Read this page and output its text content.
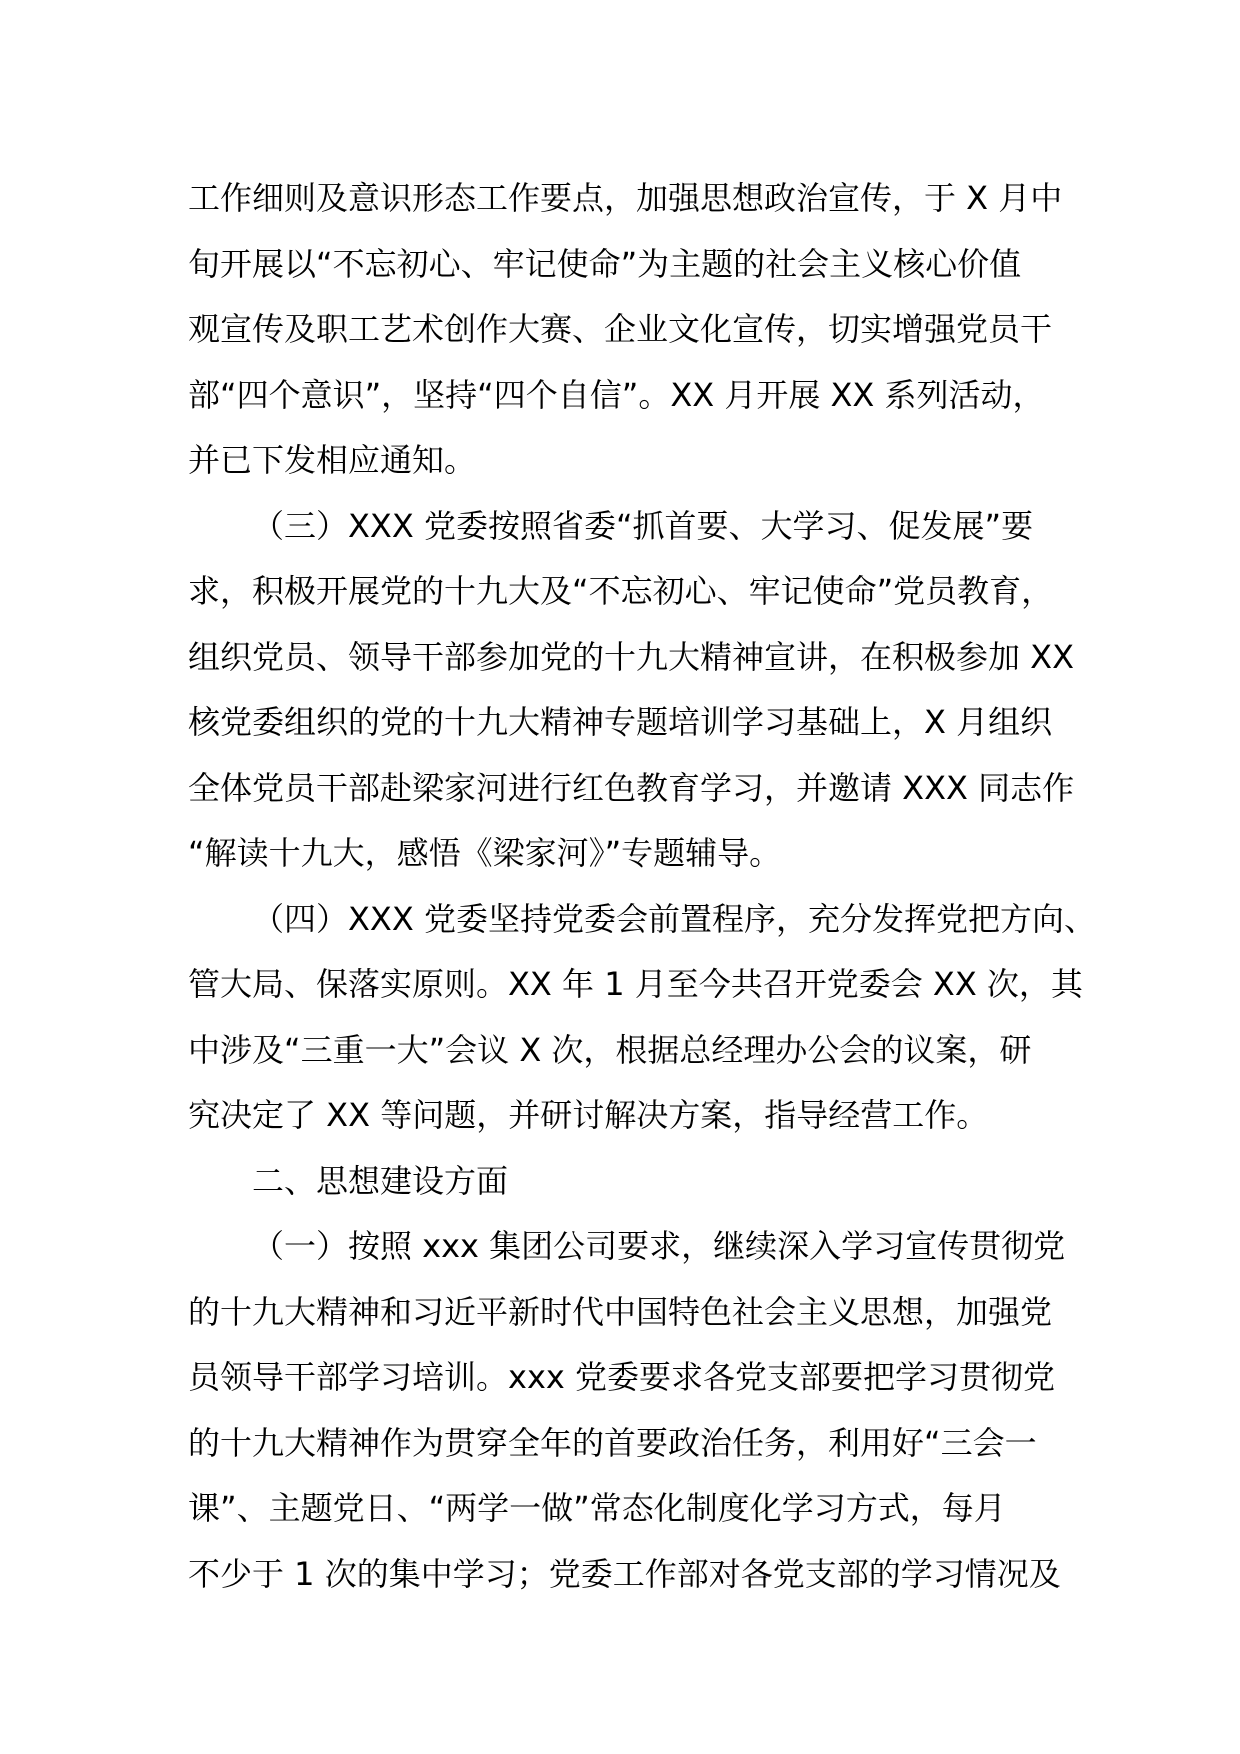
工作细则及意识形态工作要点，加强思想政治宣传，于 X 月中
旬开展以“不忘初心、牢记使命”为主题的社会主义核心价值
观宣传及职工艺术创作大赛、企业文化宣传，切实增强党员干
部“四个意识”，坚持“四个自信”。XX 月开展 XX 系列活动，
并已下发相应通知。

（三）XXX 党委按照省委“抓首要、大学习、促发展”要
求，积极开展党的十九大及“不忘初心、牢记使命”党员教育，
组织党员、领导干部参加党的十九大精神宣讲，在积极参加 XX
核党委组织的党的十九大精神专题培训学习基础上，X 月组织
全体党员干部赴梁家河进行红色教育学习，并邀请 XXX 同志作
“解读十九大，感悟《梁家河》”专题辅导。

（四）XXX 党委坚持党委会前置程序，充分发挥党把方向、
管大局、保落实原则。XX 年 1 月至今共召开党委会 XX 次，其
中涉及“三重一大”会议 X 次，根据总经理办公会的议案，研
究决定了 XX 等问题，并研讨解决方案，指导经营工作。

二、思想建设方面

（一）按照 xxx 集团公司要求，继续深入学习宣传贯彻党
的十九大精神和习近平新时代中国特色社会主义思想，加强党
员领导干部学习培训。xxx 党委要求各党支部要把学习贯彻党
的十九大精神作为贯穿全年的首要政治任务，利用好“三会一
课”、主题党日、“两学一做”常态化制度化学习方式，每月
不少于 1 次的集中学习；党委工作部对各党支部的学习情况及
